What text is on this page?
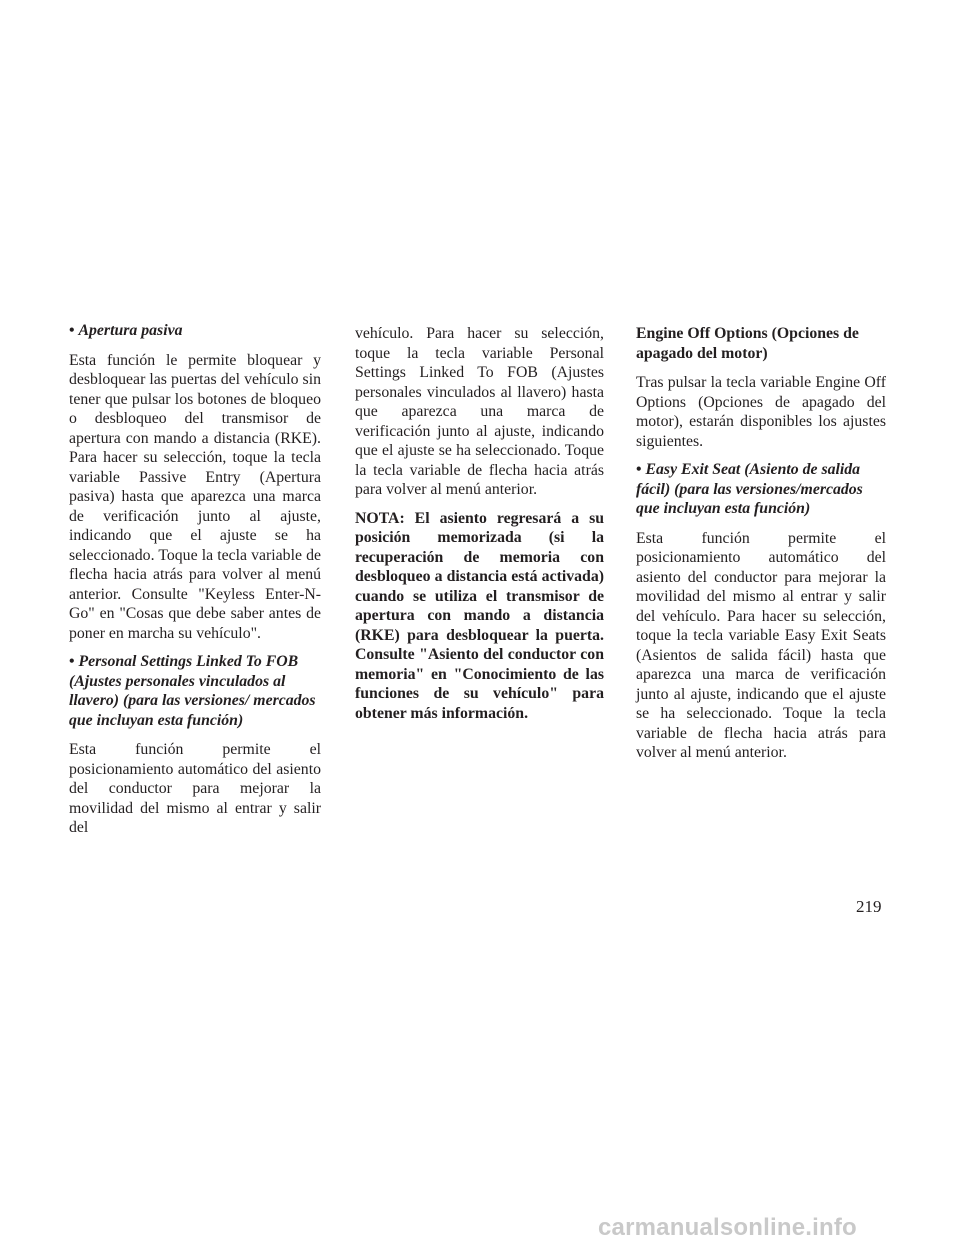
• Apertura pasiva

Esta función le permite bloquear y desbloquear las puertas del vehículo sin tener que pulsar los botones de bloqueo o desbloqueo del transmisor de apertura con mando a distancia (RKE). Para hacer su selección, toque la tecla variable Passive Entry (Apertura pasiva) hasta que aparezca una marca de verificación junto al ajuste, indicando que el ajuste se ha seleccionado. Toque la tecla variable de flecha hacia atrás para volver al menú anterior. Consulte "Keyless Enter-N-Go" en "Cosas que debe saber antes de poner en marcha su vehículo".

• Personal Settings Linked To FOB (Ajustes personales vinculados al llavero) (para las versiones/ mercados que incluyan esta función)

Esta función permite el posicionamiento automático del asiento del conductor para mejorar la movilidad del mismo al entrar y salir del

vehículo. Para hacer su selección, toque la tecla variable Personal Settings Linked To FOB (Ajustes personales vinculados al llavero) hasta que aparezca una marca de verificación junto al ajuste, indicando que el ajuste se ha seleccionado. Toque la tecla variable de flecha hacia atrás para volver al menú anterior.

NOTA: El asiento regresará a su posición memorizada (si la recuperación de memoria con desbloqueo a distancia está activada) cuando se utiliza el transmisor de apertura con mando a distancia (RKE) para desbloquear la puerta. Consulte "Asiento del conductor con memoria" en "Conocimiento de las funciones de su vehículo" para obtener más información.

Engine Off Options (Opciones de apagado del motor)

Tras pulsar la tecla variable Engine Off Options (Opciones de apagado del motor), estarán disponibles los ajustes siguientes.

• Easy Exit Seat (Asiento de salida fácil) (para las versiones/mercados que incluyan esta función)

Esta función permite el posicionamiento automático del asiento del conductor para mejorar la movilidad del mismo al entrar y salir del vehículo. Para hacer su selección, toque la tecla variable Easy Exit Seats (Asientos de salida fácil) hasta que aparezca una marca de verificación junto al ajuste, indicando que el ajuste se ha seleccionado. Toque la tecla variable de flecha hacia atrás para volver al menú anterior.

219
carmanualsonline.info
